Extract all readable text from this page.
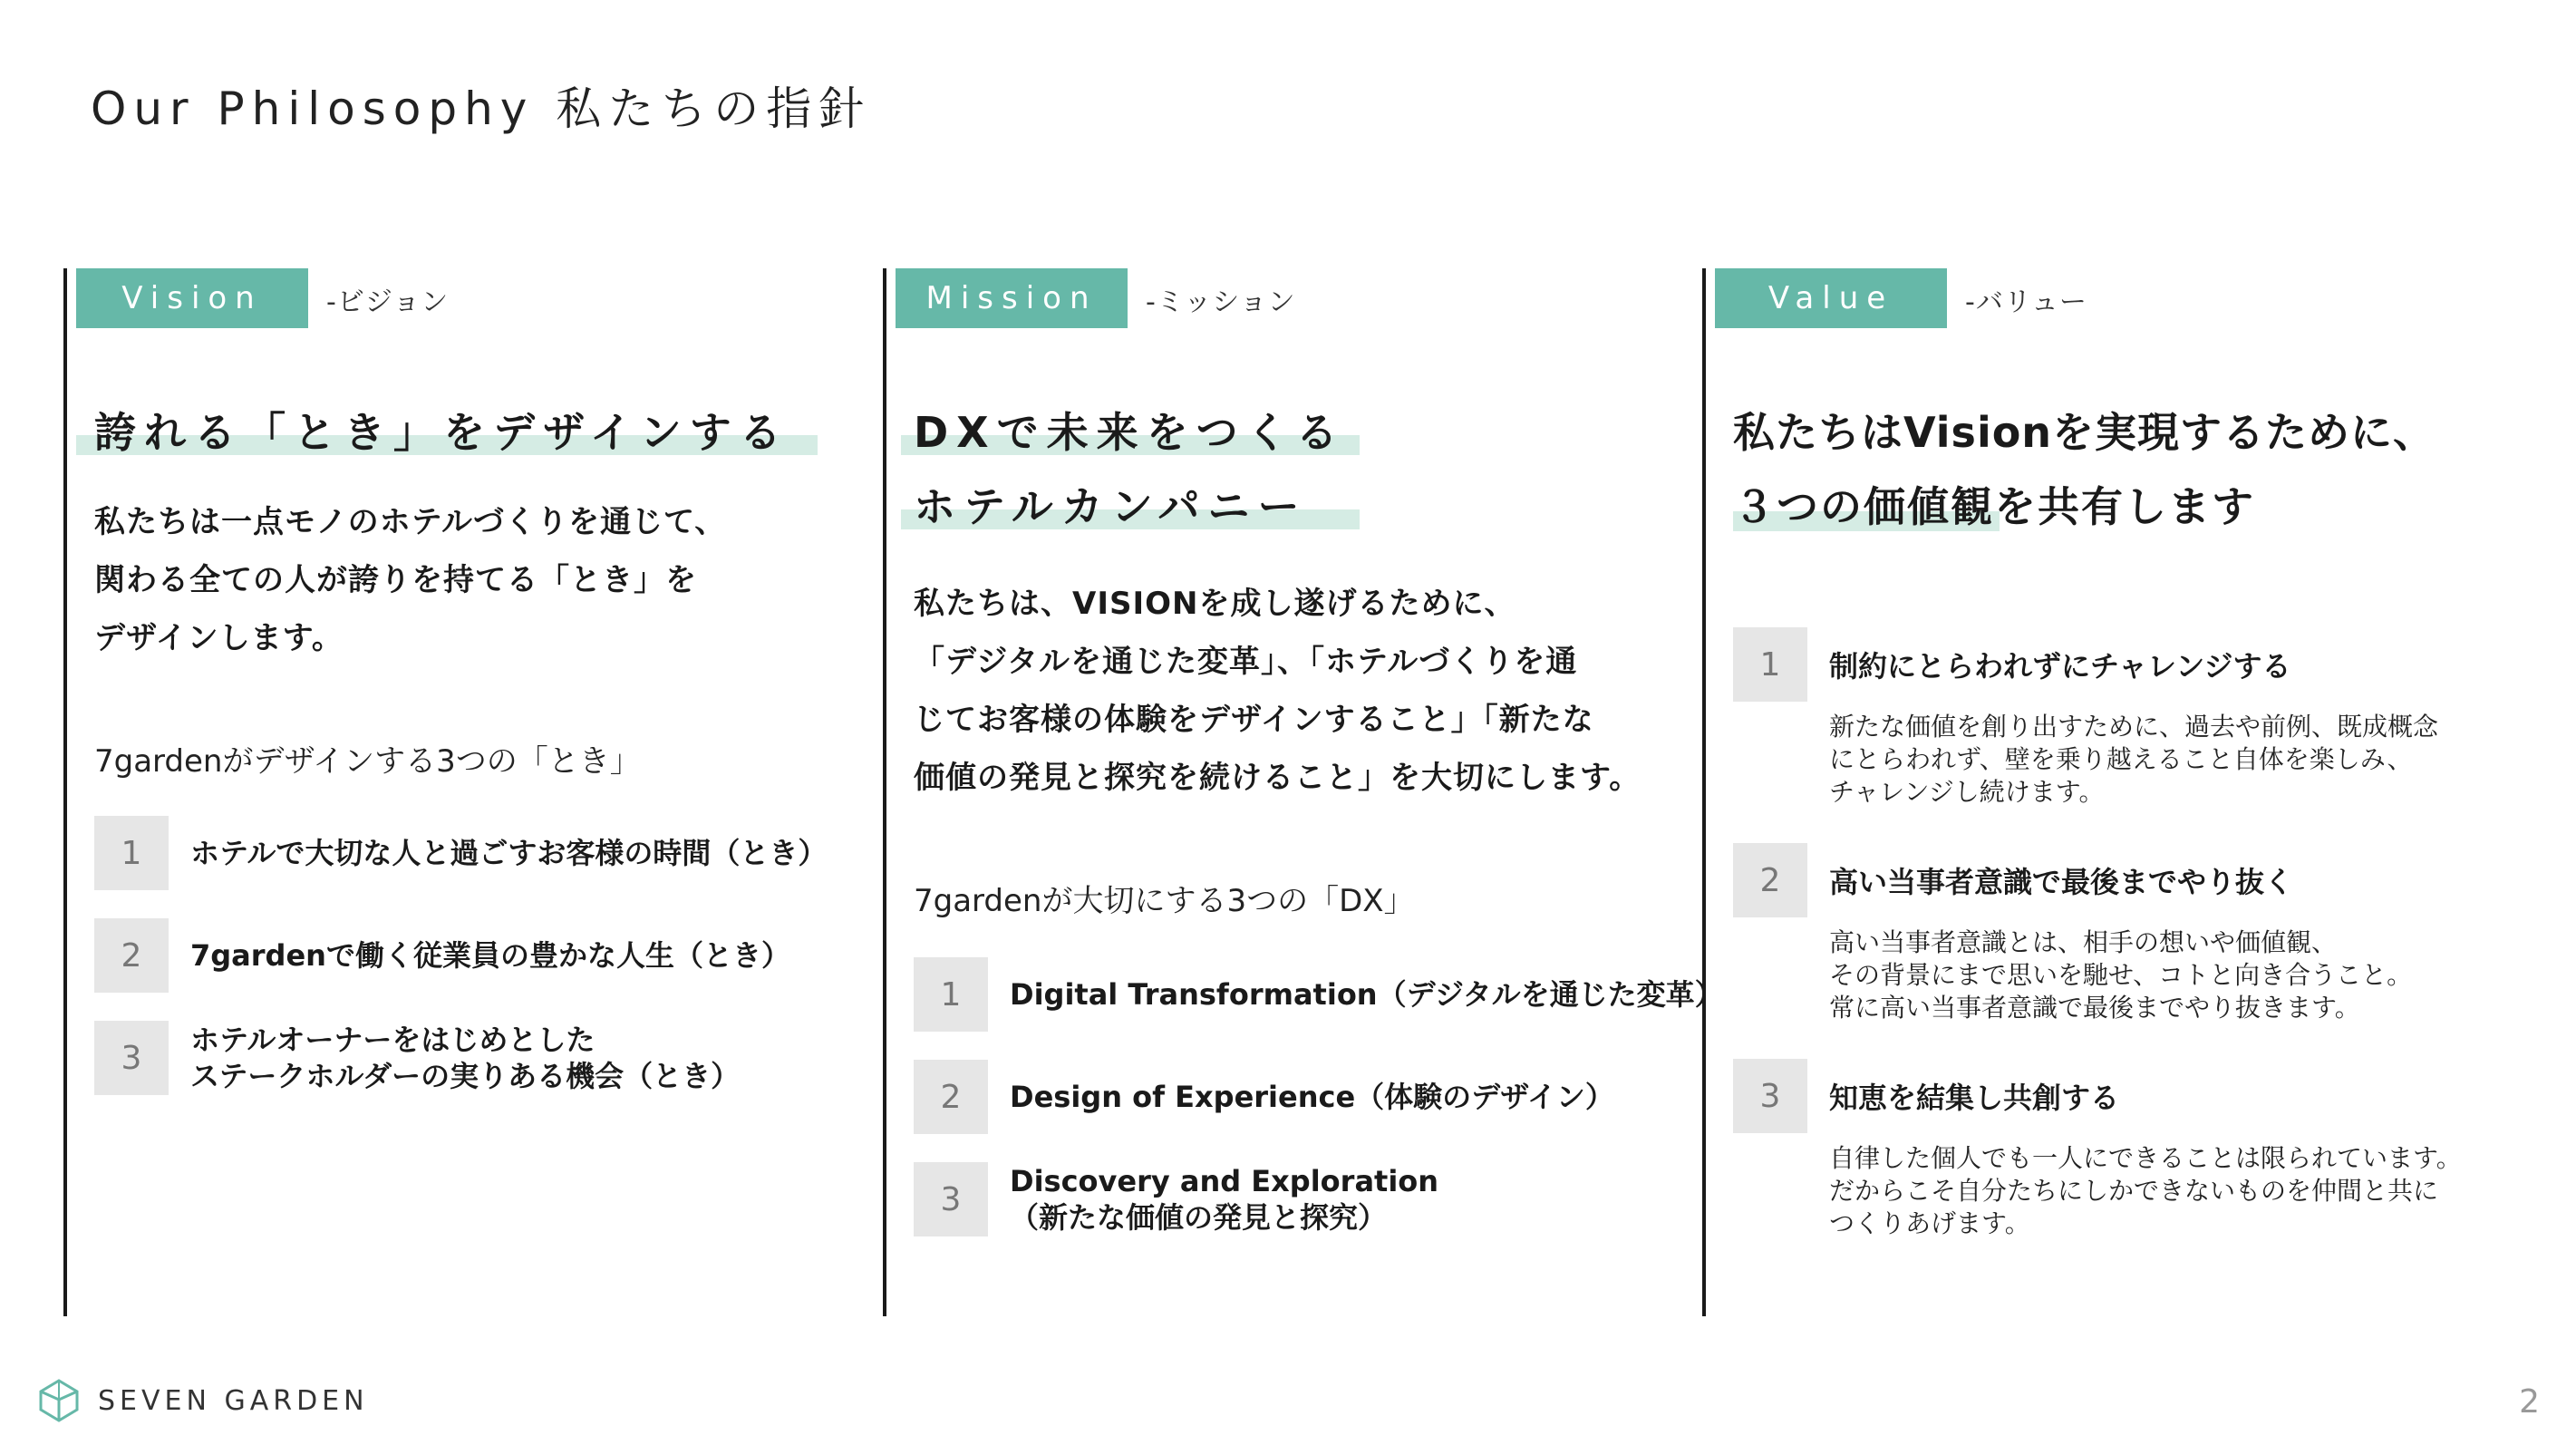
Our Philosophy 私たちの指針
Vision	-ビジョン
誇れる「とき」をデザインする

私たちは一点モノのホテルづくりを通じて、
関わる全ての人が誇りを持てる「とき」を
デザインします。

7gardenがデザインする3つの「とき」

1	ホテルで大切な人と過ごすお客様の時間（とき）
2	7gardenで働く従業員の豊かな人生（とき）
3	ホテルオーナーをはじめとした
ステークホルダーの実りある機会（とき）
Mission	-ミッション
DXで未来をつくる
ホテルカンパニー

私たちは、VISIONを成し遂げるために、
「デジタルを通じた変革」、「ホテルづくりを通
じてお客様の体験をデザインすること」「新たな
価値の発見と探究を続けること」を大切にします。

7gardenが大切にする3つの「DX」

1	Digital Transformation（デジタルを通じた変革）
2	Design of Experience（体験のデザイン）
3	Discovery and Exploration
（新たな価値の発見と探究）
Value	-バリュー
私たちはVisionを実現するために、
３つの価値観を共有します
1	制約にとらわれずにチャレンジする
新たな価値を創り出すために、過去や前例、既成概念
にとらわれず、壁を乗り越えること自体を楽しみ、
チャレンジし続けます。
2	高い当事者意識で最後までやり抜く
高い当事者意識とは、相手の想いや価値観、
その背景にまで思いを馳せ、コトと向き合うこと。
常に高い当事者意識で最後までやり抜きます。
3	知恵を結集し共創する
自律した個人でも一人にできることは限られています。
だからこそ自分たちにしかできないものを仲間と共に
つくりあげます。
SEVEN GARDEN	2
